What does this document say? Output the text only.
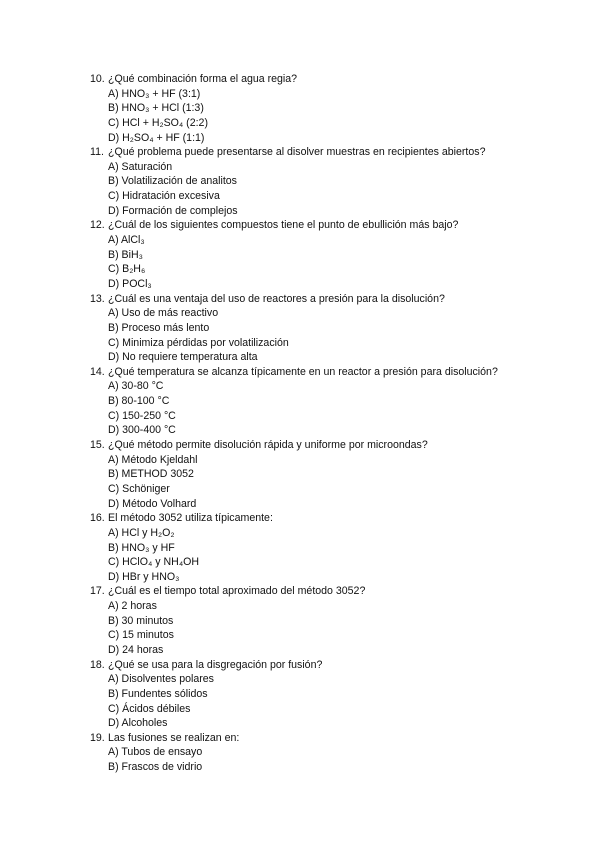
10. ¿Qué combinación forma el agua regia?
A) HNO₃ + HF (3:1)
B) HNO₃ + HCl (1:3)
C) HCl + H₂SO₄ (2:2)
D) H₂SO₄ + HF (1:1)
11. ¿Qué problema puede presentarse al disolver muestras en recipientes abiertos?
A) Saturación
B) Volatilización de analitos
C) Hidratación excesiva
D) Formación de complejos
12. ¿Cuál de los siguientes compuestos tiene el punto de ebullición más bajo?
A) AlCl₃
B) BiH₃
C) B₂H₆
D) POCl₃
13. ¿Cuál es una ventaja del uso de reactores a presión para la disolución?
A) Uso de más reactivo
B) Proceso más lento
C) Minimiza pérdidas por volatilización
D) No requiere temperatura alta
14. ¿Qué temperatura se alcanza típicamente en un reactor a presión para disolución?
A) 30-80 °C
B) 80-100 °C
C) 150-250 °C
D) 300-400 °C
15. ¿Qué método permite disolución rápida y uniforme por microondas?
A) Método Kjeldahl
B) METHOD 3052
C) Schöniger
D) Método Volhard
16. El método 3052 utiliza típicamente:
A) HCl y H₂O₂
B) HNO₃ y HF
C) HClO₄ y NH₄OH
D) HBr y HNO₃
17. ¿Cuál es el tiempo total aproximado del método 3052?
A) 2 horas
B) 30 minutos
C) 15 minutos
D) 24 horas
18. ¿Qué se usa para la disgregación por fusión?
A) Disolventes polares
B) Fundentes sólidos
C) Ácidos débiles
D) Alcoholes
19. Las fusiones se realizan en:
A) Tubos de ensayo
B) Frascos de vidrio
